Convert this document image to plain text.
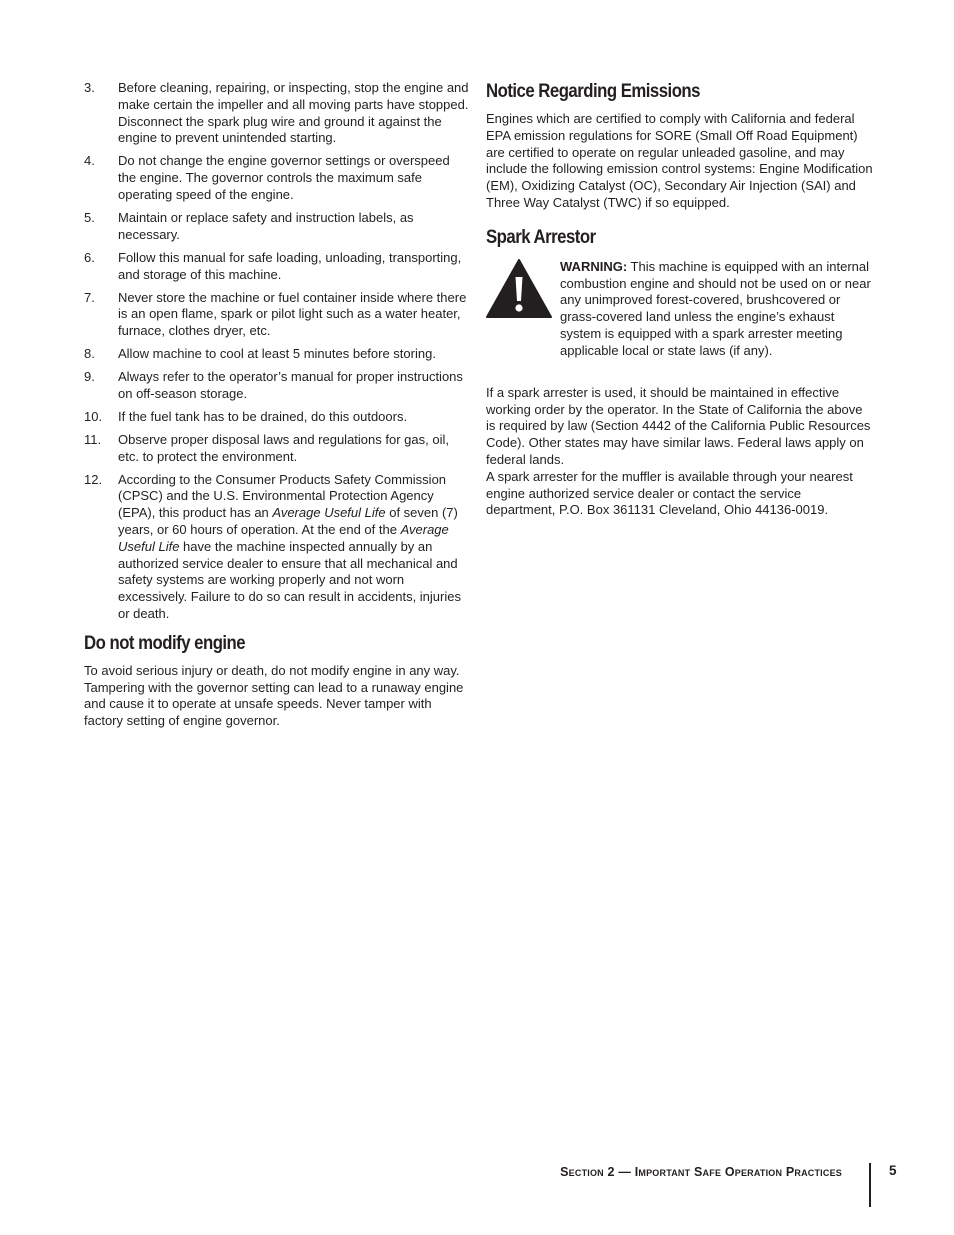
3. Before cleaning, repairing, or inspecting, stop the engine and make certain the impeller and all moving parts have stopped. Disconnect the spark plug wire and ground it against the engine to prevent unintended starting.
4. Do not change the engine governor settings or overspeed the engine. The governor controls the maximum safe operating speed of the engine.
5. Maintain or replace safety and instruction labels, as necessary.
6. Follow this manual for safe loading, unloading, transporting, and storage of this machine.
7. Never store the machine or fuel container inside where there is an open flame, spark or pilot light such as a water heater, furnace, clothes dryer, etc.
8. Allow machine to cool at least 5 minutes before storing.
9. Always refer to the operator’s manual for proper instructions on off-season storage.
10. If the fuel tank has to be drained, do this outdoors.
11. Observe proper disposal laws and regulations for gas, oil, etc. to protect the environment.
12. According to the Consumer Products Safety Commission (CPSC) and the U.S. Environmental Protection Agency (EPA), this product has an Average Useful Life of seven (7) years, or 60 hours of operation. At the end of the Average Useful Life have the machine inspected annually by an authorized service dealer to ensure that all mechanical and safety systems are working properly and not worn excessively. Failure to do so can result in accidents, injuries or death.
Do not modify engine

To avoid serious injury or death, do not modify engine in any way. Tampering with the governor setting can lead to a runaway engine and cause it to operate at unsafe speeds. Never tamper with factory setting of engine governor.

Notice Regarding Emissions

Engines which are certified to comply with California and federal EPA emission regulations for SORE (Small Off Road Equipment) are certified to operate on regular unleaded gasoline, and may include the following emission control systems: Engine Modification (EM), Oxidizing Catalyst (OC), Secondary Air Injection (SAI) and Three Way Catalyst (TWC) if so equipped.

Spark Arrestor
WARNING: This machine is equipped with an internal combustion engine and should not be used on or near any unimproved forest-covered, brushcovered or grass-covered land unless the engine’s exhaust system is equipped with a spark arrester meeting applicable local or state laws (if any).

If a spark arrester is used, it should be maintained in effective working order by the operator. In the State of California the above is required by law (Section 4442 of the California Public Resources Code). Other states may have similar laws. Federal laws apply on federal lands.

A spark arrester for the muffler is available through your nearest engine authorized service dealer or contact the service department, P.O. Box 361131 Cleveland, Ohio 44136-0019.

Section 2 — Important Safe Operation Practices	5
